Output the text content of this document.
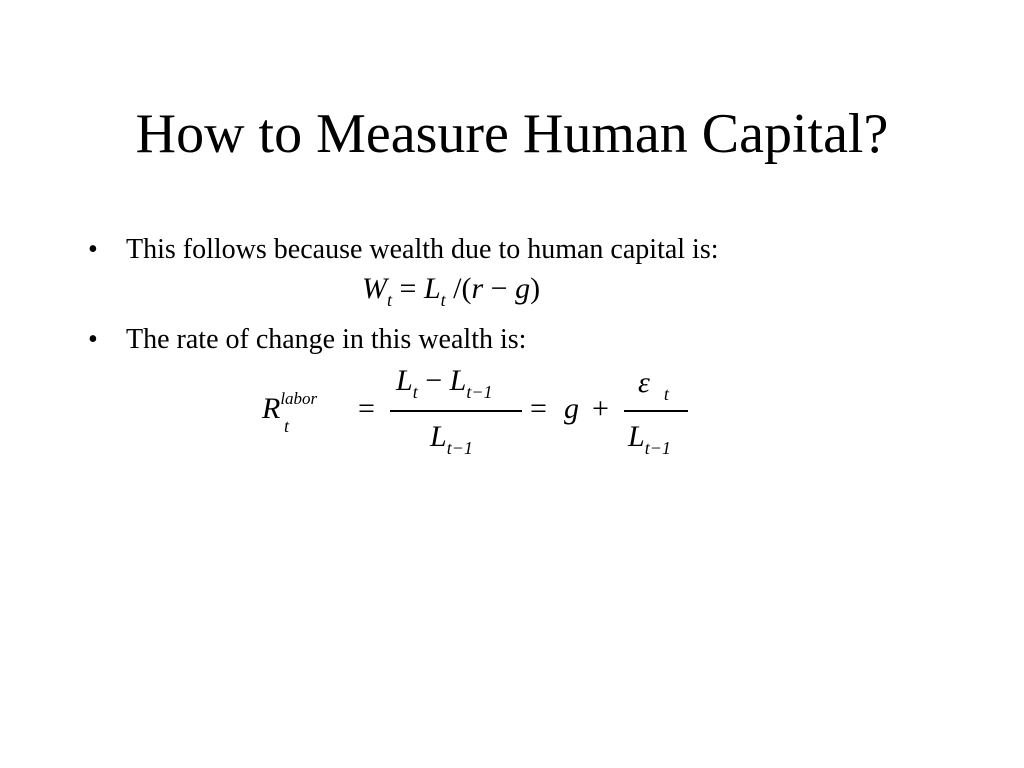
How to Measure Human Capital?
• This follows because wealth due to human capital is:
$W_t = L_t$ /(r − g)
• The rate of change in this wealth is:
$R^{labor}$
t
=
$L_t - L_{t-1}$
$L_{t-1}$
= g +
ε $_t$
$L_{t-1}$
